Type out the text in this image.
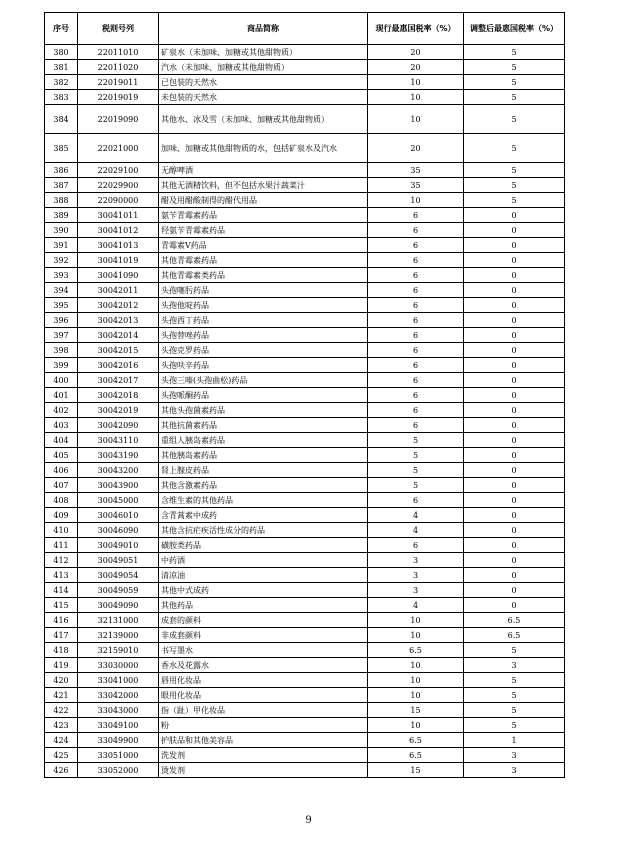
序号	税则号列	商品简称	现行最惠国税率（%）	调整后最惠国税率（%）
380	22011010	矿泉水（未加味、加糖或其他甜物质）	20	5
381	22011020	汽水（未加味、加糖或其他甜物质）	20	5
382	22019011	已包装的天然水	10	5
383	22019019	未包装的天然水	10	5
384	22019090	其他水、冰及雪（未加味、加糖或其他甜物质）	10	5
385	22021000	加味、加糖或其他甜物质的水，包括矿泉水及汽水	20	5
386	22029100	无醇啤酒	35	5
387	22029900	其他无酒精饮料，但不包括水果汁蔬菜汁	35	5
388	22090000	醋及用醋酸制得的醋代用品	10	5
389	30041011	氨苄青霉素药品	6	0
390	30041012	羟氨苄青霉素药品	6	0
391	30041013	青霉素V药品	6	0
392	30041019	其他青霉素药品	6	0
393	30041090	其他青霉素类药品	6	0
394	30042011	头孢噻肟药品	6	0
395	30042012	头孢他啶药品	6	0
396	30042013	头孢西丁药品	6	0
397	30042014	头孢替唑药品	6	0
398	30042015	头孢克罗药品	6	0
399	30042016	头孢呋辛药品	6	0
400	30042017	头孢三嗪(头孢曲松)药品	6	0
401	30042018	头孢哌酮药品	6	0
402	30042019	其他头孢菌素药品	6	0
403	30042090	其他抗菌素药品	6	0
404	30043110	重组人胰岛素药品	5	0
405	30043190	其他胰岛素药品	5	0
406	30043200	肾上腺皮药品	5	0
407	30043900	其他含激素药品	5	0
408	30045000	含维生素的其他药品	6	0
409	30046010	含青蒿素中成药	4	0
410	30046090	其他含抗疟疾活性成分的药品	4	0
411	30049010	磺胺类药品	6	0
412	30049051	中药酒	3	0
413	30049054	清凉油	3	0
414	30049059	其他中式成药	3	0
415	30049090	其他药品	4	0
416	32131000	成套的颜料	10	6.5
417	32139000	非成套颜料	10	6.5
418	32159010	书写墨水	6.5	5
419	33030000	香水及花露水	10	3
420	33041000	唇用化妆品	10	5
421	33042000	眼用化妆品	10	5
422	33043000	指（趾）甲化妆品	15	5
423	33049100	粉	10	5
424	33049900	护肤品和其他美容品	6.5	1
425	33051000	洗发剂	6.5	3
426	33052000	烫发剂	15	3
9
